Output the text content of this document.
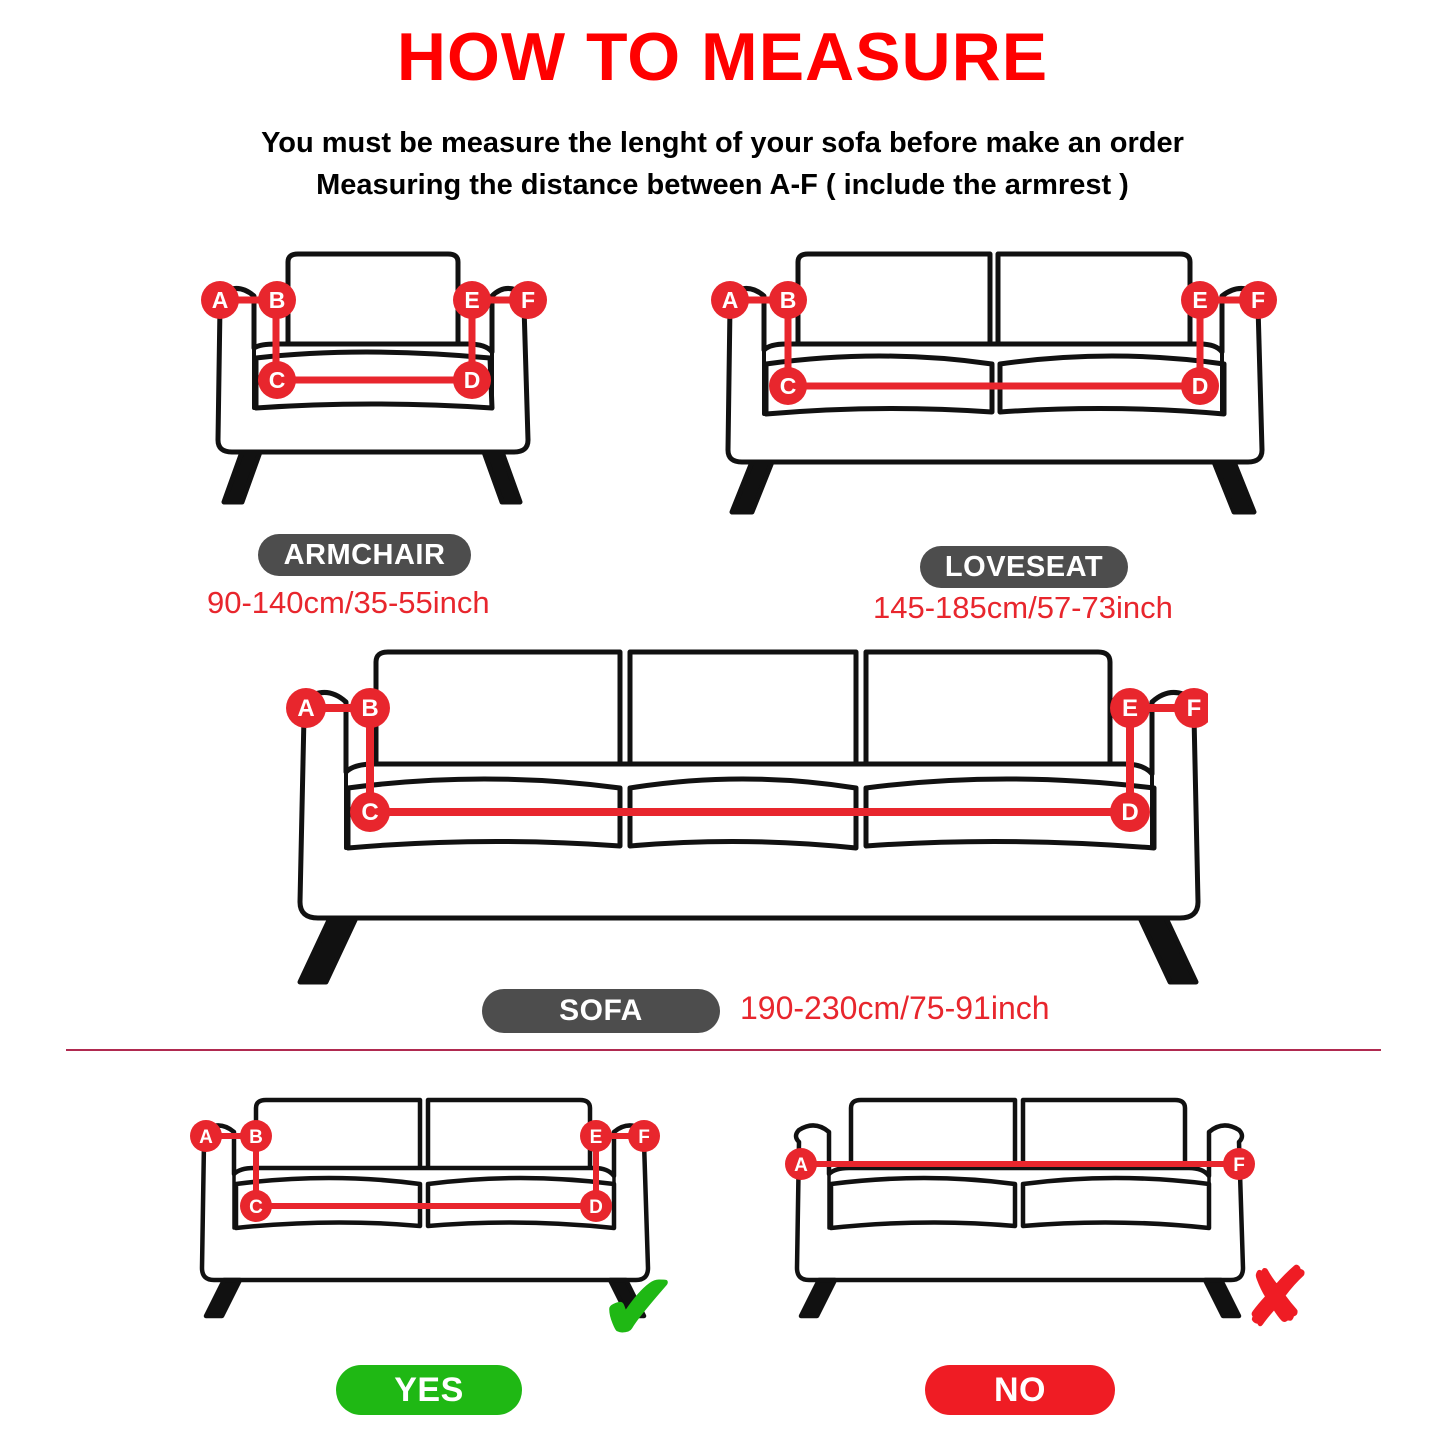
HOW TO MEASURE
You must be measure the lenght of your sofa before make an order
Measuring the distance between A-F ( include the armrest )
A B
C	D
E F
ARMCHAIR
90-140cm/35-55inch
A B
C	D
E F
LOVESEAT
145-185cm/57-73inch
A B
C	D
E F
SOFA	190-230cm/75-91inch
A B
C	D
E F
✔
YES
A	F
✘
NO
